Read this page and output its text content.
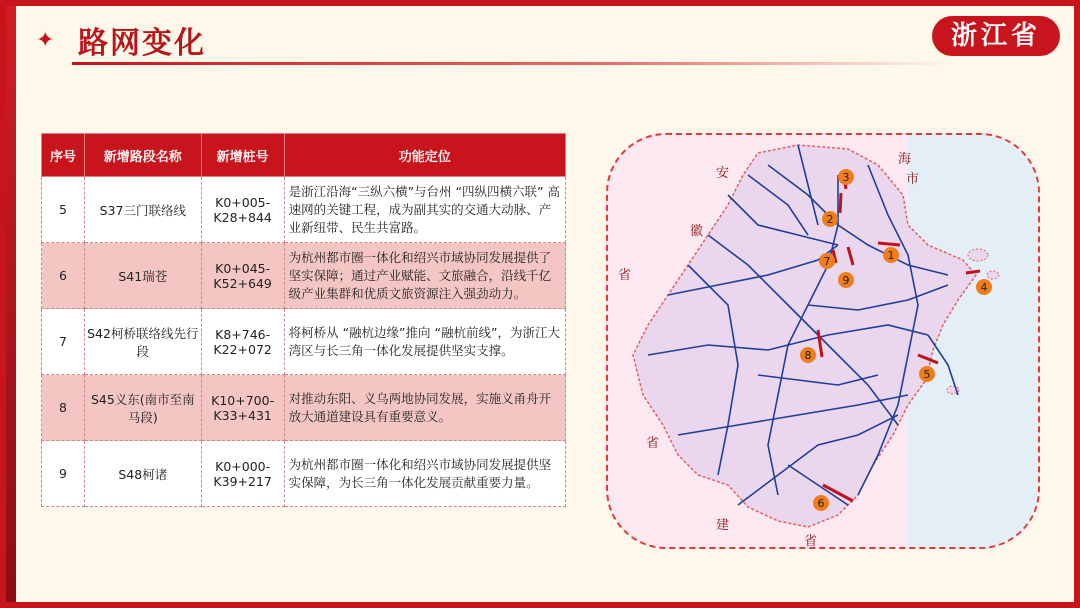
✦ 路网变化	浙江省
序号	新增路段名称	新增桩号	功能定位
5	S37三门联络线	K0+005-K28+844	是浙江沿海“三纵六横”与台州 “四纵四横六联” 高速网的关键工程，成为副其实的交通大动脉、产业新纽带、民生共富路。
6	S41瑞苍	K0+045-K52+649	为杭州都市圈一体化和绍兴市域协同发展提供了坚实保障；通过产业赋能、文旅融合，沿线千亿级产业集群和优质文旅资源注入强劲动力。
7	S42柯桥联络线先行段	K8+746-K22+072	将柯桥从 “融杭边缘”推向 “融杭前线”，为浙江大湾区与长三角一体化发展提供坚实支撑。
8	S45义东(南市至南马段)	K10+700-K33+431	对推动东阳、义乌两地协同发展，实施义甬舟开放大通道建设具有重要意义。
9	S48柯诸	K0+000-K39+217	为杭州都市圈一体化和绍兴市域协同发展提供坚实保障，为长三角一体化发展贡献重要力量。
1
2
3
4
5
6
7
8
9
安
徽
省
海
市
省
建
省
